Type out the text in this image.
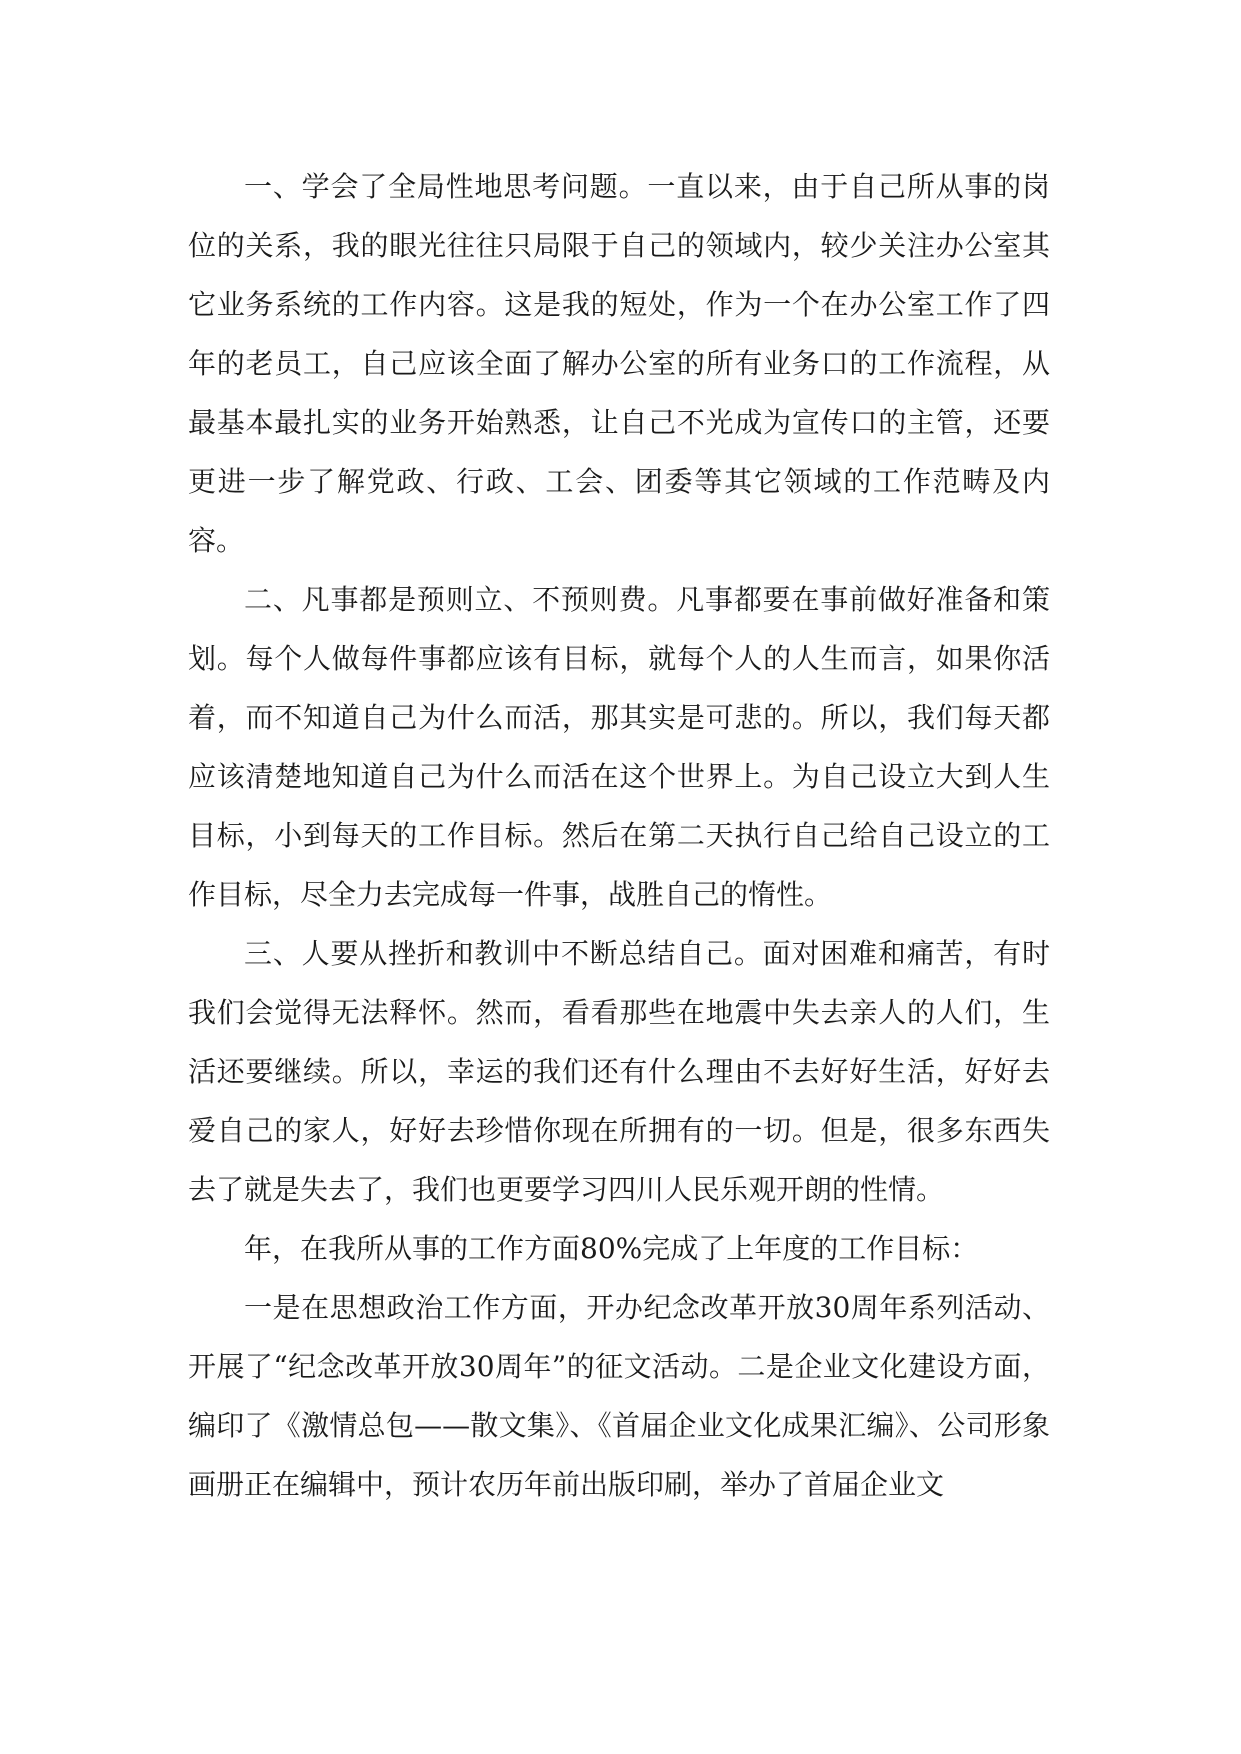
一、学会了全局性地思考问题。一直以来，由于自己所从事的岗位的关系，我的眼光往往只局限于自己的领域内，较少关注办公室其它业务系统的工作内容。这是我的短处，作为一个在办公室工作了四年的老员工，自己应该全面了解办公室的所有业务口的工作流程，从最基本最扎实的业务开始熟悉，让自己不光成为宣传口的主管，还要更进一步了解党政、行政、工会、团委等其它领域的工作范畴及内容。

二、凡事都是预则立、不预则费。凡事都要在事前做好准备和策划。每个人做每件事都应该有目标，就每个人的人生而言，如果你活着，而不知道自己为什么而活，那其实是可悲的。所以，我们每天都应该清楚地知道自己为什么而活在这个世界上。为自己设立大到人生目标，小到每天的工作目标。然后在第二天执行自己给自己设立的工作目标，尽全力去完成每一件事，战胜自己的惰性。

三、人要从挫折和教训中不断总结自己。面对困难和痛苦，有时我们会觉得无法释怀。然而，看看那些在地震中失去亲人的人们，生活还要继续。所以，幸运的我们还有什么理由不去好好生活，好好去爱自己的家人，好好去珍惜你现在所拥有的一切。但是，很多东西失去了就是失去了，我们也更要学习四川人民乐观开朗的性情。

年，在我所从事的工作方面80%完成了上年度的工作目标：

一是在思想政治工作方面，开办纪念改革开放30周年系列活动、开展了“纪念改革开放30周年”的征文活动。二是企业文化建设方面，编印了《激情总包——散文集》、《首届企业文化成果汇编》、公司形象画册正在编辑中，预计农历年前出版印刷，举办了首届企业文
